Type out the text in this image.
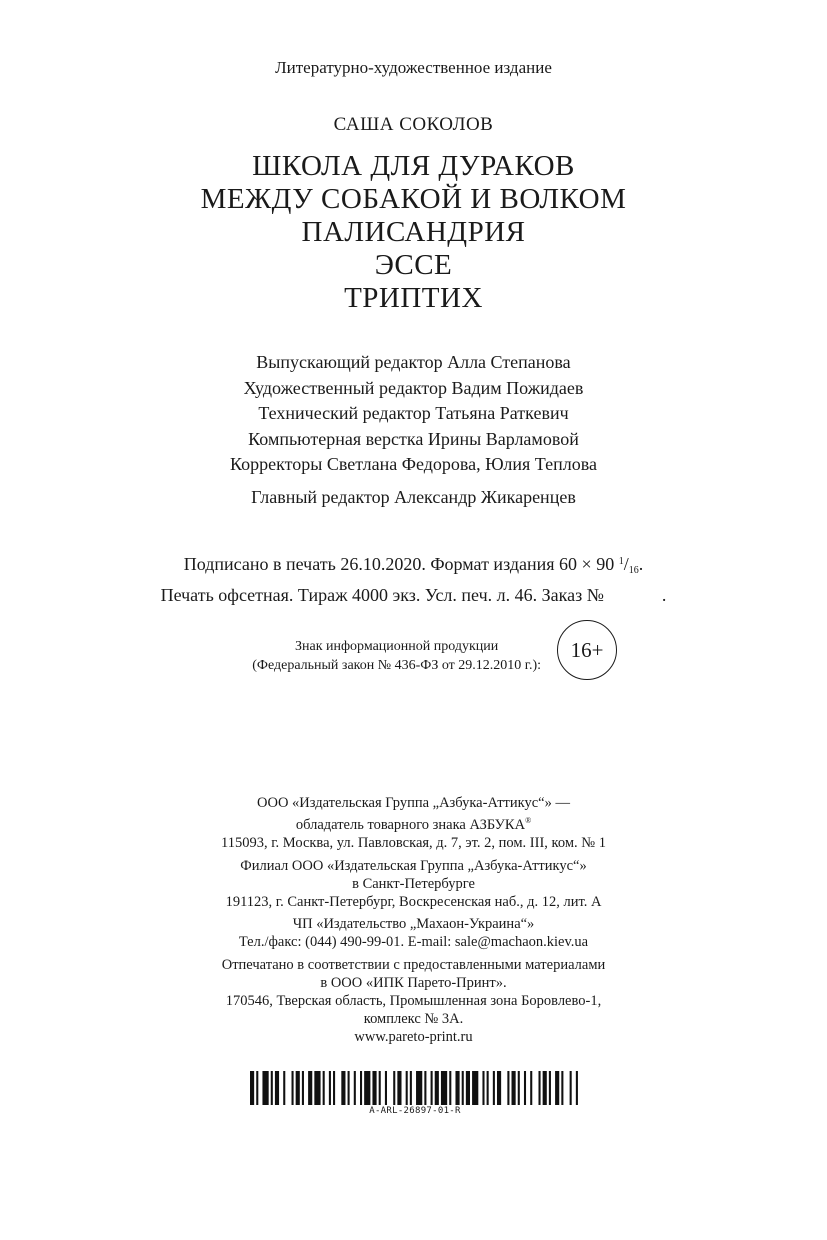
Литературно-художественное издание

САША СОКОЛОВ

ШКОЛА ДЛЯ ДУРАКОВ
МЕЖДУ СОБАКОЙ И ВОЛКОМ
ПАЛИСАНДРИЯ
ЭССЕ
ТРИПТИХ
Выпускающий редактор Алла Степанова
Художественный редактор Вадим Пожидаев
Технический редактор Татьяна Раткевич
Компьютерная верстка Ирины Варламовой
Корректоры Светлана Федорова, Юлия Теплова

Главный редактор Александр Жикаренцев

Подписано в печать 26.10.2020. Формат издания 60 × 90 $^1$/16.
Печать офсетная. Тираж 4000 экз. Усл. печ. л. 46. Заказ №	.
Знак информационной продукции
(Федеральный закон № 436-ФЗ от 29.12.2010 г.):
16+
ООО «Издательская Группа „Азбука-Аттикус“» —
обладатель товарного знака АЗБУКА®
115093, г. Москва, ул. Павловская, д. 7, эт. 2, пом. III, ком. № 1
Филиал ООО «Издательская Группа „Азбука-Аттикус“»
в Санкт-Петербурге
191123, г. Санкт-Петербург, Воскресенская наб., д. 12, лит. А
ЧП «Издательство „Махаон-Украина“»
Тел./факс: (044) 490-99-01. E-mail: sale@machaon.kiev.ua
Отпечатано в соответствии с предоставленными материалами
в ООО «ИПК Парето-Принт».
170546, Тверская область, Промышленная зона Боровлево-1,
комплекс № 3А.
www.pareto-print.ru
A-ARL-26897-01-R
